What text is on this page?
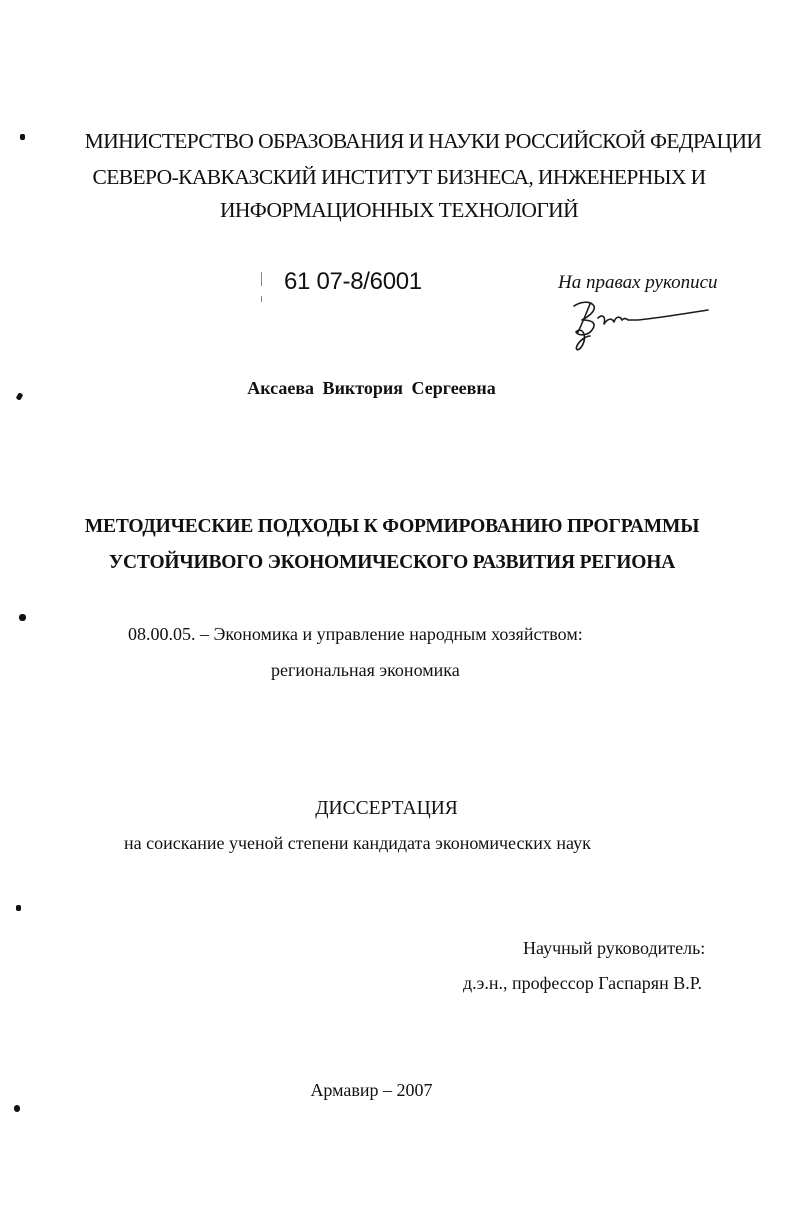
МИНИСТЕРСТВО ОБРАЗОВАНИЯ И НАУКИ РОССИЙСКОЙ ФЕДРАЦИИ
СЕВЕРО-КАВКАЗСКИЙ ИНСТИТУТ БИЗНЕСА, ИНЖЕНЕРНЫХ И
ИНФОРМАЦИОННЫХ ТЕХНОЛОГИЙ
61 07-8/6001	На правах рукописи
Аксаева Виктория Сергеевна
МЕТОДИЧЕСКИЕ ПОДХОДЫ К ФОРМИРОВАНИЮ ПРОГРАММЫ
УСТОЙЧИВОГО ЭКОНОМИЧЕСКОГО РАЗВИТИЯ РЕГИОНА
08.00.05. – Экономика и управление народным хозяйством:
региональная экономика
ДИССЕРТАЦИЯ
на соискание ученой степени кандидата экономических наук
Научный руководитель:
д.э.н., профессор Гаспарян В.Р.
Армавир – 2007
